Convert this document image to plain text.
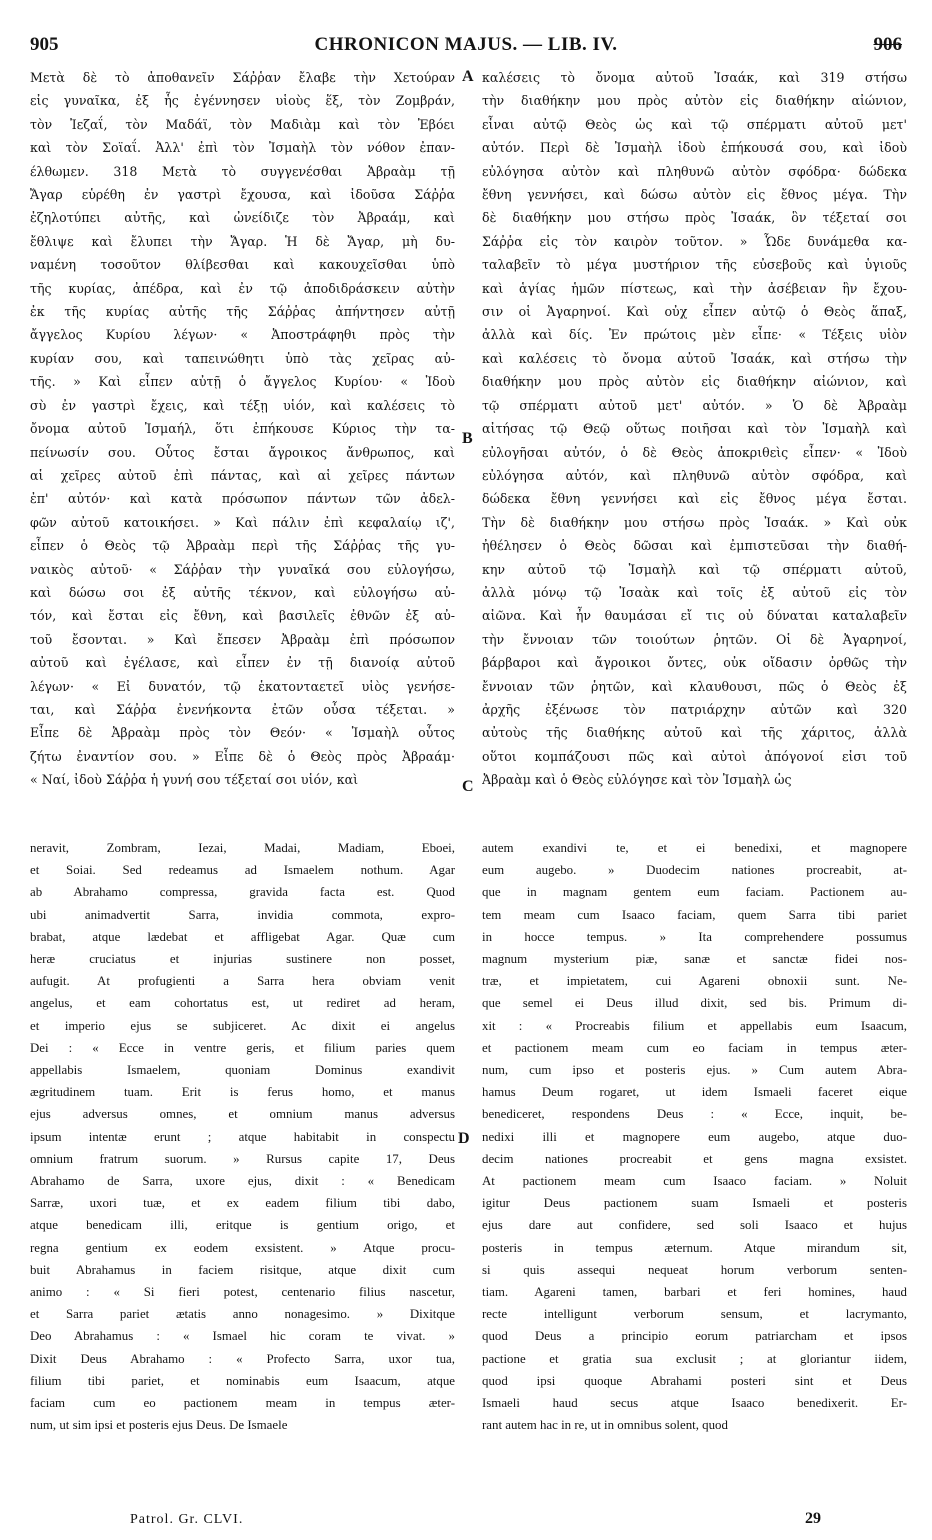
905	CHRONICON MAJUS. — LIB. IV.	906
Μετὰ δὲ τὸ ἀποθανεῖν Σάῤῥαν ἔλαβε τὴν Χετούραν
εἰς γυναῖκα, ἐξ ἧς ἐγέννησεν υἱοὺς ἕξ, τὸν Ζομβράν,
τὸν Ἰεζαΐ, τὸν Μαδάϊ, τὸν Μαδιὰμ καὶ τὸν Ἐβόει
καὶ τὸν Σοϊαΐ. Ἀλλ' ἐπὶ τὸν Ἰσμαὴλ τὸν νόθον ἐπαν-
έλθωμεν. 318 Μετὰ τὸ συγγενέσθαι Ἀβραὰμ τῇ
Ἄγαρ εὑρέθη ἐν γαστρὶ ἔχουσα, καὶ ἰδοῦσα Σάῤῥα
ἐζηλοτύπει αὐτῆς, καὶ ὠνείδιζε τὸν Ἀβραάμ, καὶ
ἔθλιψε καὶ ἔλυπει τὴν Ἄγαρ. Ἡ δὲ Ἄγαρ, μὴ δυ-
ναμένη τοσοῦτον θλίβεσθαι καὶ κακουχεῖσθαι ὑπὸ
τῆς κυρίας, ἀπέδρα, καὶ ἐν τῷ ἀποδιδράσκειν αὐτὴν
ἐκ τῆς κυρίας αὐτῆς τῆς Σάῤῥας ἀπήντησεν αὐτῇ
ἄγγελος Κυρίου λέγων· « Ἀποστράφηθι πρὸς τὴν
κυρίαν σου, καὶ ταπεινώθητι ὑπὸ τὰς χεῖρας αὐ-
τῆς. » Καὶ εἶπεν αὐτῇ ὁ ἄγγελος Κυρίου· « Ἰδοὺ
σὺ ἐν γαστρὶ ἔχεις, καὶ τέξῃ υἱόν, καὶ καλέσεις τὸ
ὄνομα αὐτοῦ Ἰσμαήλ, ὅτι ἐπήκουσε Κύριος τὴν τα-
πείνωσίν σου. Οὗτος ἔσται ἄγροικος ἄνθρωπος, καὶ
αἱ χεῖρες αὐτοῦ ἐπὶ πάντας, καὶ αἱ χεῖρες πάντων
ἐπ' αὐτόν· καὶ κατὰ πρόσωπον πάντων τῶν ἀδελ-
φῶν αὐτοῦ κατοικήσει. » Καὶ πάλιν ἐπὶ κεφαλαίῳ ιζ',
εἶπεν ὁ Θεὸς τῷ Ἀβραὰμ περὶ τῆς Σάῤῥας τῆς γυ-
ναικὸς αὐτοῦ· « Σάῤῥαν τὴν γυναῖκά σου εὐλογήσω,
καὶ δώσω σοι ἐξ αὐτῆς τέκνον, καὶ εὐλογήσω αὐ-
τόν, καὶ ἔσται εἰς ἔθνη, καὶ βασιλεῖς ἐθνῶν ἐξ αὐ-
τοῦ ἔσονται. » Καὶ ἔπεσεν Ἀβραὰμ ἐπὶ πρόσωπον
αὐτοῦ καὶ ἐγέλασε, καὶ εἶπεν ἐν τῇ διανοίᾳ αὐτοῦ
λέγων· « Εἰ δυνατόν, τῷ ἑκατονταετεῖ υἱὸς γενήσε-
ται, καὶ Σάῤῥα ἐνενήκοντα ἐτῶν οὖσα τέξεται. »
Εἶπε δὲ Ἀβραὰμ πρὸς τὸν Θεόν· « Ἰσμαὴλ οὗτος
ζήτω ἐναντίον σου. » Εἶπε δὲ ὁ Θεὸς πρὸς Ἀβραάμ·
« Ναί, ἰδοὺ Σάῤῥα ἡ γυνή σου τέξεταί σοι υἱόν, καὶ
καλέσεις τὸ ὄνομα αὐτοῦ Ἰσαάκ, καὶ 319 στήσω
τὴν διαθήκην μου πρὸς αὐτὸν εἰς διαθήκην αἰώνιον,
εἶναι αὐτῷ Θεὸς ὡς καὶ τῷ σπέρματι αὐτοῦ μετ'
αὐτόν. Περὶ δὲ Ἰσμαὴλ ἰδοὺ ἐπήκουσά σου, καὶ ἰδοὺ
εὐλόγησα αὐτὸν καὶ πληθυνῶ αὐτὸν σφόδρα· δώδεκα
ἔθνη γεννήσει, καὶ δώσω αὐτὸν εἰς ἔθνος μέγα. Τὴν
δὲ διαθήκην μου στήσω πρὸς Ἰσαάκ, ὃν τέξεταί σοι
Σάῤῥα εἰς τὸν καιρὸν τοῦτον. » Ὧδε δυνάμεθα κα-
ταλαβεῖν τὸ μέγα μυστήριον τῆς εὐσεβοῦς καὶ ὑγιοῦς
καὶ ἁγίας ἡμῶν πίστεως, καὶ τὴν ἀσέβειαν ἣν ἔχου-
σιν οἱ Ἀγαρηνοί. Καὶ οὐχ εἶπεν αὐτῷ ὁ Θεὸς ἅπαξ,
ἀλλὰ καὶ δίς. Ἐν πρώτοις μὲν εἶπε· « Τέξεις υἱὸν
καὶ καλέσεις τὸ ὄνομα αὐτοῦ Ἰσαάκ, καὶ στήσω τὴν
διαθήκην μου πρὸς αὐτὸν εἰς διαθήκην αἰώνιον, καὶ
τῷ σπέρματι αὐτοῦ μετ' αὐτόν. » Ὁ δὲ Ἀβραὰμ
αἰτήσας τῷ Θεῷ οὕτως ποιῆσαι καὶ τὸν Ἰσμαὴλ καὶ
εὐλογῆσαι αὐτόν, ὁ δὲ Θεὸς ἀποκριθεὶς εἶπεν· « Ἰδοὺ
εὐλόγησα αὐτόν, καὶ πληθυνῶ αὐτὸν σφόδρα, καὶ
δώδεκα ἔθνη γεννήσει καὶ εἰς ἔθνος μέγα ἔσται.
Τὴν δὲ διαθήκην μου στήσω πρὸς Ἰσαάκ. » Καὶ οὐκ
ἠθέλησεν ὁ Θεὸς δῶσαι καὶ ἐμπιστεῦσαι τὴν διαθή-
κην αὐτοῦ τῷ Ἰσμαὴλ καὶ τῷ σπέρματι αὐτοῦ,
ἀλλὰ μόνῳ τῷ Ἰσαὰκ καὶ τοῖς ἐξ αὐτοῦ εἰς τὸν
αἰῶνα. Καὶ ἦν θαυμάσαι εἴ τις οὐ δύναται καταλαβεῖν
τὴν ἔννοιαν τῶν τοιούτων ῥητῶν. Οἱ δὲ Ἀγαρηνοί,
βάρβαροι καὶ ἄγροικοι ὄντες, οὐκ οἴδασιν ὀρθῶς τὴν
ἔννοιαν τῶν ῥητῶν, καὶ κλαυθουσι, πῶς ὁ Θεὸς ἐξ
ἀρχῆς ἐξένωσε τὸν πατριάρχην αὐτῶν καὶ 320
αὐτοὺς τῆς διαθήκης αὐτοῦ καὶ τῆς χάριτος, ἀλλὰ
οὕτοι κομπάζουσι πῶς καὶ αὐτοὶ ἀπόγονοί εἰσι τοῦ
Ἀβραὰμ καὶ ὁ Θεὸς εὐλόγησε καὶ τὸν Ἰσμαὴλ ὡς
A
B
C
D
neravit, Zombram, Iezai, Madai, Madiam, Eboei,
et Soiai. Sed redeamus ad Ismaelem nothum. Agar
ab Abrahamo compressa, gravida facta est. Quod
ubi animadvertit Sarra, invidia commota, expro-
brabat, atque lædebat et affligebat Agar. Quæ cum
heræ cruciatus et injurias sustinere non posset,
aufugit. At profugienti a Sarra hera obviam venit
angelus, et eam cohortatus est, ut rediret ad heram,
et imperio ejus se subjiceret. Ac dixit ei angelus
Dei : « Ecce in ventre geris, et filium paries quem
appellabis Ismaelem, quoniam Dominus exandivit
ægritudinem tuam. Erit is ferus homo, et manus
ejus adversus omnes, et omnium manus adversus
ipsum intentæ erunt ; atque habitabit in conspectu
omnium fratrum suorum. » Rursus capite 17, Deus
Abrahamo de Sarra, uxore ejus, dixit : « Benedicam
Sarræ, uxori tuæ, et ex eadem filium tibi dabo,
atque benedicam illi, eritque is gentium origo, et
regna gentium ex eodem exsistent. » Atque procu-
buit Abrahamus in faciem risitque, atque dixit cum
animo : « Si fieri potest, centenario filius nascetur,
et Sarra pariet ætatis anno nonagesimo. » Dixitque
Deo Abrahamus : « Ismael hic coram te vivat. »
Dixit Deus Abrahamo : « Profecto Sarra, uxor tua,
filium tibi pariet, et nominabis eum Isaacum, atque
faciam cum eo pactionem meam in tempus æter-
num, ut sim ipsi et posteris ejus Deus. De Ismaele
autem exandivi te, et ei benedixi, et magnopere
eum augebo. » Duodecim nationes procreabit, at-
que in magnam gentem eum faciam. Pactionem au-
tem meam cum Isaaco faciam, quem Sarra tibi pariet
in hocce tempus. » Ita comprehendere possumus
magnum mysterium piæ, sanæ et sanctæ fidei nos-
træ, et impietatem, cui Agareni obnoxii sunt. Ne-
que semel ei Deus illud dixit, sed bis. Primum di-
xit : « Procreabis filium et appellabis eum Isaacum,
et pactionem meam cum eo faciam in tempus æter-
num, cum ipso et posteris ejus. » Cum autem Abra-
hamus Deum rogaret, ut idem Ismaeli faceret eique
benediceret, respondens Deus : « Ecce, inquit, be-
nedixi illi et magnopere eum augebo, atque duo-
decim nationes procreabit et gens magna exsistet.
At pactionem meam cum Isaaco faciam. » Noluit
igitur Deus pactionem suam Ismaeli et posteris
ejus dare aut confidere, sed soli Isaaco et hujus
posteris in tempus æternum. Atque mirandum sit,
si quis assequi nequeat horum verborum senten-
tiam. Agareni tamen, barbari et feri homines, haud
recte intelligunt verborum sensum, et lacrymanto,
quod Deus a principio eorum patriarcham et ipsos
pactione et gratia sua exclusit ; at gloriantur iidem,
quod ipsi quoque Abrahami posteri sint et Deus
Ismaeli haud secus atque Isaaco benedixerit. Er-
rant autem hac in re, ut in omnibus solent, quod
Patrol. Gr. CLVI.	29
